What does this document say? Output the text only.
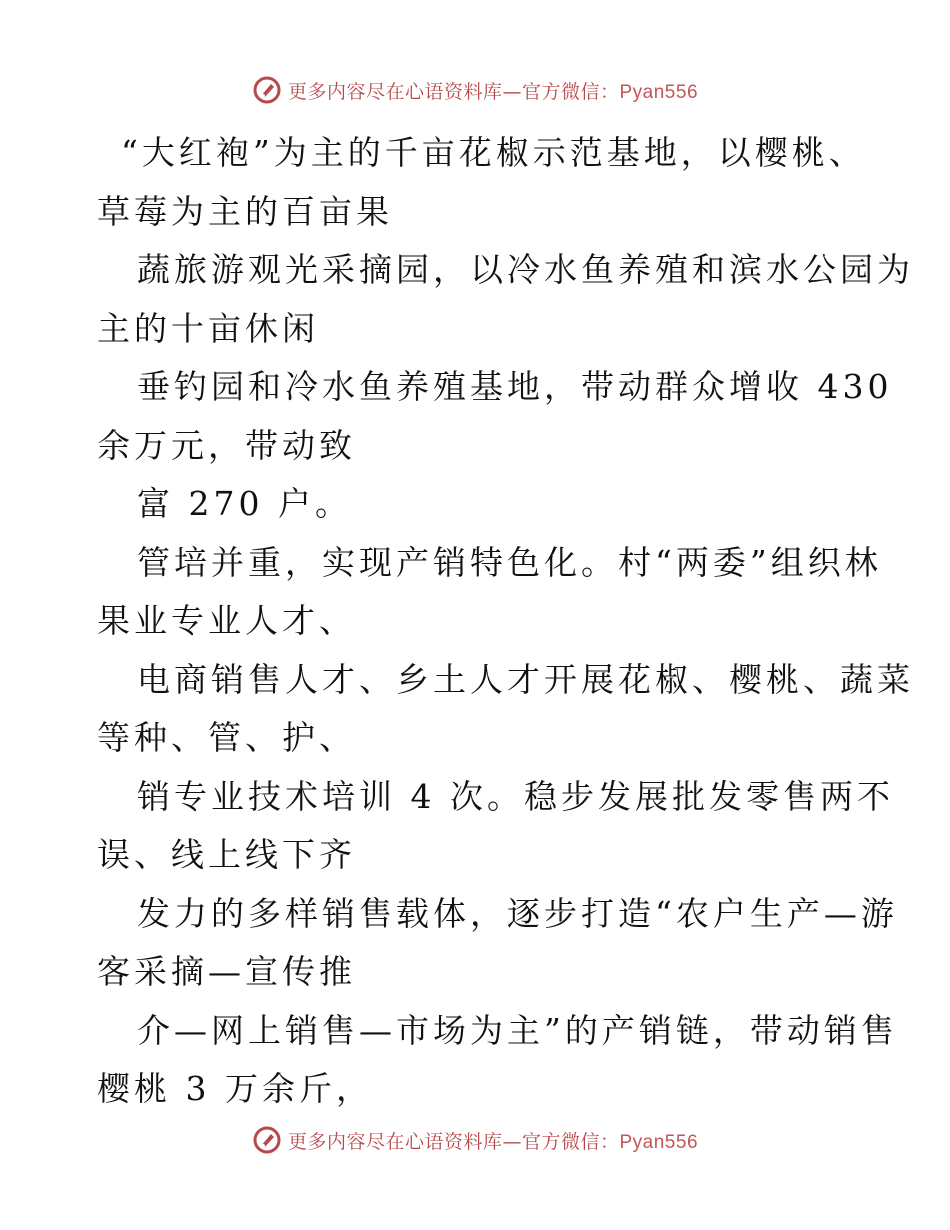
更多内容尽在心语资料库—官方微信：Pyan556
“大红袍”为主的千亩花椒示范基地，以樱桃、
草莓为主的百亩果
蔬旅游观光采摘园，以冷水鱼养殖和滨水公园为
主的十亩休闲
垂钓园和冷水鱼养殖基地，带动群众增收 430
余万元，带动致
富 270 户。
管培并重，实现产销特色化。村“两委”组织林
果业专业人才、
电商销售人才、乡土人才开展花椒、樱桃、蔬菜
等种、管、护、
销专业技术培训 4 次。稳步发展批发零售两不
误、线上线下齐
发力的多样销售载体，逐步打造“农户生产—游
客采摘—宣传推
介—网上销售—市场为主”的产销链，带动销售
樱桃 3 万余斤，
更多内容尽在心语资料库—官方微信：Pyan556
